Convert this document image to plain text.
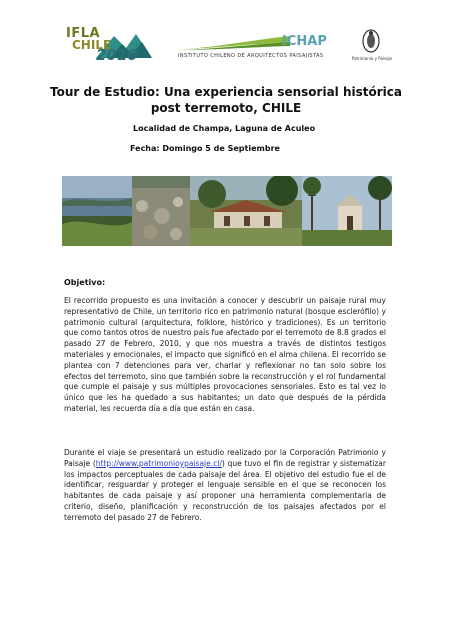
IFLA
CHILE
2010
ICHAP
INSTITUTO CHILENO DE ARQUITECTOS PAISAJISTAS	Patrimonio y Paisaje
Tour de Estudio: Una experiencia sensorial histórica post terremoto, CHILE
Localidad de Champa, Laguna de Aculeo
Fecha: Domingo 5 de Septiembre
Objetivo:
El recorrido propuesto es una invitación a conocer y descubrir un paisaje rural muy representativo de Chile, un territorio rico en patrimonio natural (bosque esclerófilo) y patrimonio cultural (arquitectura, folklore, histórico y tradiciones). Es un territorio que como tantos otros de nuestro país fue afectado por el terremoto de 8.8 grados el pasado 27 de Febrero, 2010, y que nos muestra a través de distintos testigos materiales y emocionales, el impacto que significó en el alma chilena. El recorrido se plantea con 7 detenciones para ver, charlar y reflexionar no tan solo sobre los efectos del terremoto, sino que también sobre la reconstrucción y el rol fundamental que cumple el paisaje y sus múltiples provocaciones sensoriales. Esto es tal vez lo único que les ha quedado a sus habitantes; un dato que después de la pérdida material, les recuerda día a día que están en casa.
Durante el viaje se presentará un estudio realizado por la Corporación Patrimonio y Paisaje (http://www.patrimonioypaisaje.cl/) que tuvo el fin de registrar y sistematizar los impactos perceptuales de cada paisaje del área. El objetivo del estudio fue el de identificar, resguardar y proteger el lenguaje sensible en el que se reconocen los habitantes de cada paisaje y así proponer una herramienta complementaria de criterio, diseño, planificación y reconstrucción de los paisajes afectados por el terremoto del pasado 27 de Febrero.
